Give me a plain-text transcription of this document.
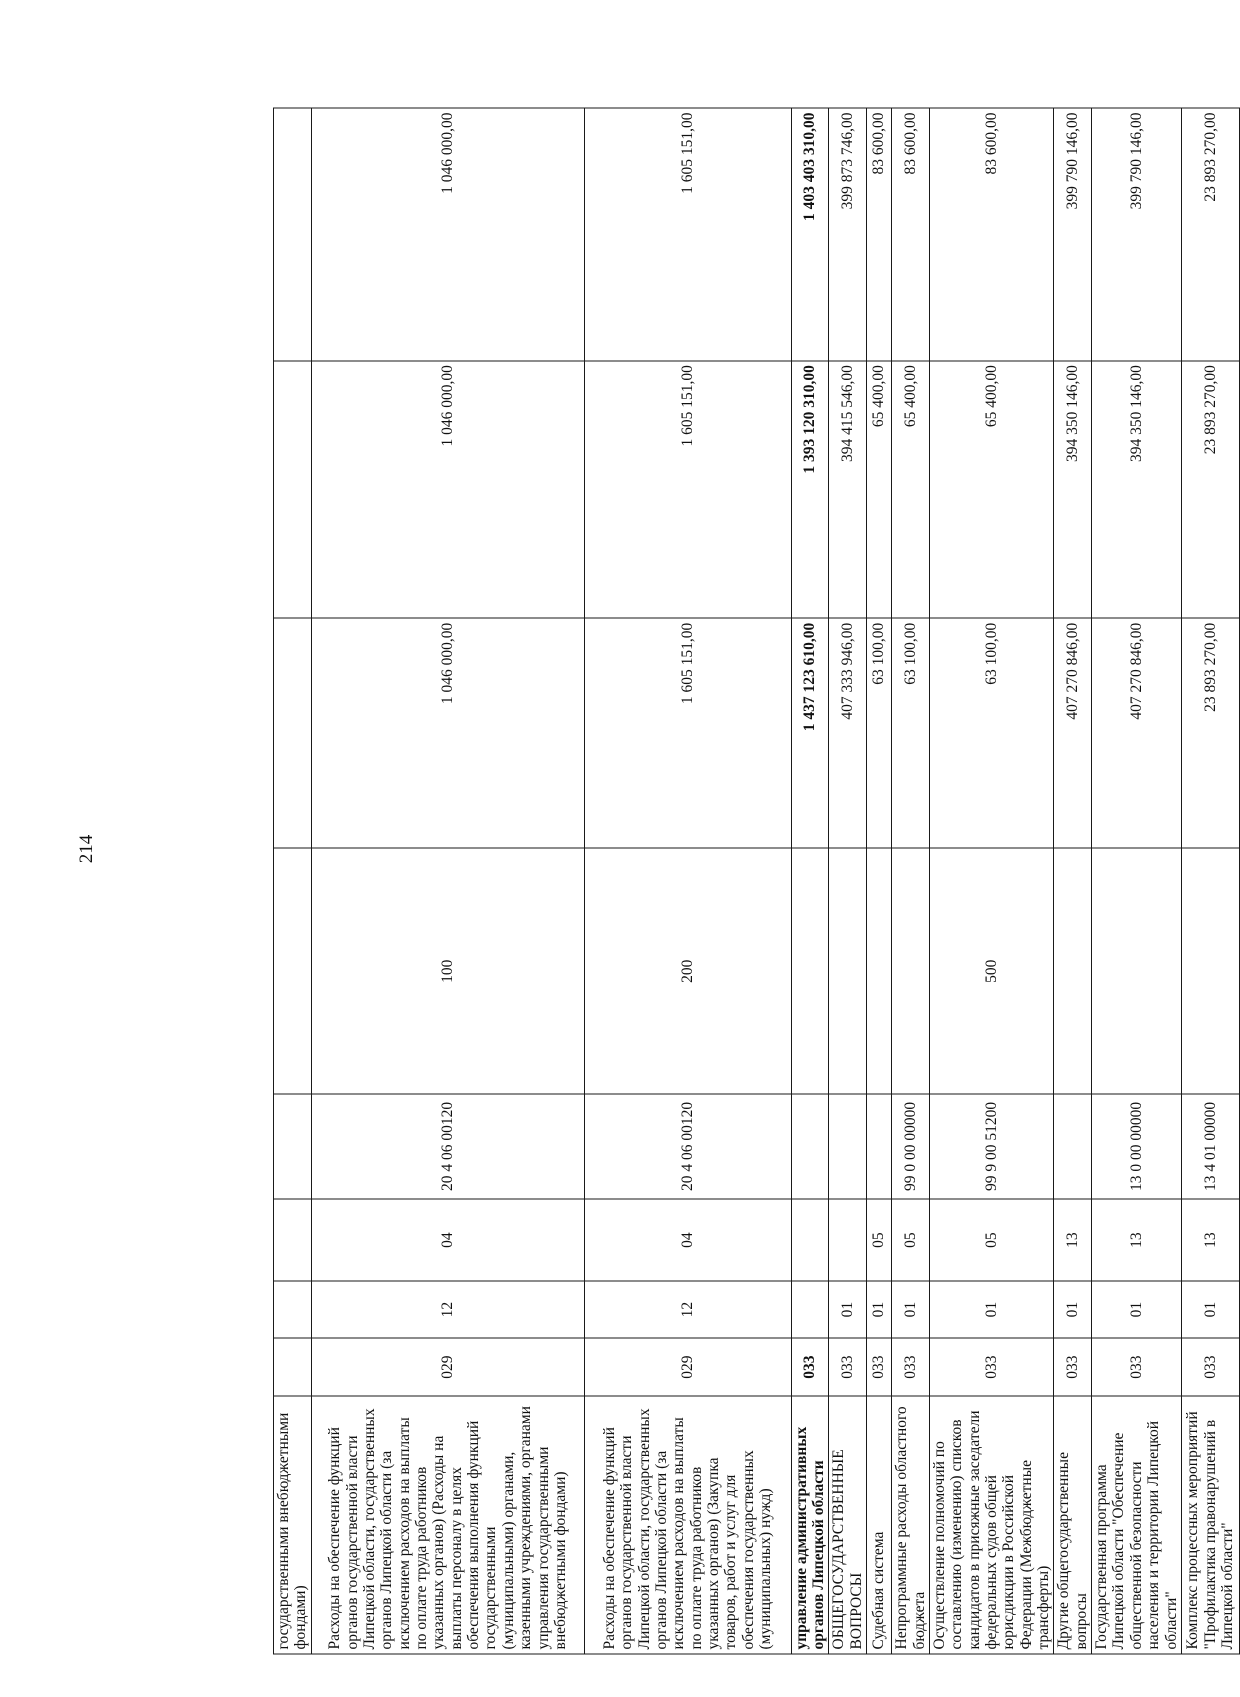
214
государственными внебюджетными фондами)								
Расходы на обеспечение функций органов государственной власти Липецкой области, государственных органов Липецкой области (за исключением расходов на выплаты по оплате труда работников указанных органов) (Расходы на выплаты персоналу в целях обеспечения выполнения функций государственными (муниципальными) органами, казенными учреждениями, органами управления государственными внебюджетными фондами)	029	12	04	20 4 06 00120	100	1 046 000,00	1 046 000,00	1 046 000,00
Расходы на обеспечение функций органов государственной власти Липецкой области, государственных органов Липецкой области (за исключением расходов на выплаты по оплате труда работников указанных органов) (Закупка товаров, работ и услуг для обеспечения государственных (муниципальных) нужд)	029	12	04	20 4 06 00120	200	1 605 151,00	1 605 151,00	1 605 151,00
управление административных органов Липецкой области	033					1 437 123 610,00	1 393 120 310,00	1 403 403 310,00
ОБЩЕГОСУДАРСТВЕННЫЕ ВОПРОСЫ	033	01				407 333 946,00	394 415 546,00	399 873 746,00
Судебная система	033	01	05			63 100,00	65 400,00	83 600,00
Непрограммные расходы областного бюджета	033	01	05	99 0 00 00000		63 100,00	65 400,00	83 600,00
Осуществление полномочий по составлению (изменению) списков кандидатов в присяжные заседатели федеральных судов общей юрисдикции в Российской Федерации (Межбюджетные трансферты)	033	01	05	99 9 00 51200	500	63 100,00	65 400,00	83 600,00
Другие общегосударственные вопросы	033	01	13			407 270 846,00	394 350 146,00	399 790 146,00
Государственная программа Липецкой области "Обеспечение общественной безопасности населения и территории Липецкой области"	033	01	13	13 0 00 00000		407 270 846,00	394 350 146,00	399 790 146,00
Комплекс процессных мероприятий "Профилактика правонарушений в Липецкой области"	033	01	13	13 4 01 00000		23 893 270,00	23 893 270,00	23 893 270,00
